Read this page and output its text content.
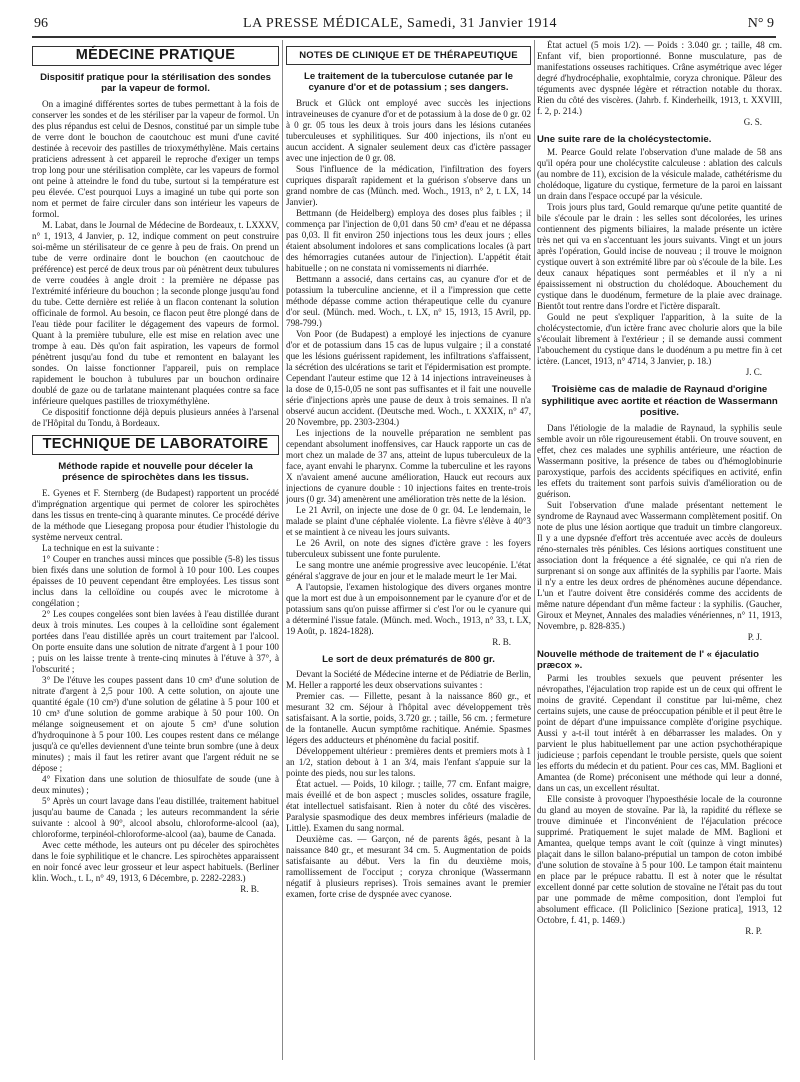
96	LA PRESSE MÉDICALE, Samedi, 31 Janvier 1914	N° 9
MÉDECINE PRATIQUE
Dispositif pratique pour la stérilisation des sondes par la vapeur de formol.

On a imaginé différentes sortes de tubes permettant à la fois de conserver les sondes et de les stériliser par la vapeur de formol. Un des plus répandus est celui de Desnos, constitué par un simple tube de verre dont le bouchon de caoutchouc est muni d'une cavité destinée à recevoir des pastilles de trioxyméthylène. Mais certains praticiens adressent à cet appareil le reproche d'exiger un temps trop long pour une stérilisation complète, car les vapeurs de formol ont peine à atteindre le fond du tube, surtout si la température est peu élevée. C'est pourquoi Luys a imaginé un tube qui porte son nom et permet de faire circuler dans son intérieur les vapeurs de formol.

M. Labat, dans le Journal de Médecine de Bordeaux, t. LXXXV, n° 1, 1913, 4 Janvier, p. 12, indique comment on peut construire soi-même un stérilisateur de ce genre à peu de frais. On prend un tube de verre ordinaire dont le bouchon (en caoutchouc de préférence) est percé de deux trous par où pénètrent deux tubulures de verre coudées à angle droit : la première ne dépasse pas l'extrémité inférieure du bouchon ; la seconde plonge jusqu'au fond du tube. Cette dernière est reliée à un flacon contenant la solution officinale de formol. Au besoin, ce flacon peut être plongé dans de l'eau tiède pour faciliter le dégagement des vapeurs de formol. Quant à la première tubulure, elle est mise en relation avec une trompe à eau. Dès qu'on fait aspiration, les vapeurs de formol pénètrent jusqu'au fond du tube et remontent en balayant les sondes. On laisse fonctionner l'appareil, puis on remplace rapidement le bouchon à tubulures par un bouchon ordinaire doublé de gaze ou de tarlatane maintenant plaquées contre sa face inférieure quelques pastilles de trioxyméthylène.

Ce dispositif fonctionne déjà depuis plusieurs années à l'arsenal de l'Hôpital du Tondu, à Bordeaux.

TECHNIQUE DE LABORATOIRE
Méthode rapide et nouvelle pour déceler la présence de spirochètes dans les tissus.

E. Gyenes et F. Sternberg (de Budapest) rapportent un procédé d'imprégnation argentique qui permet de colorer les spirochètes dans les tissus en trente-cinq à quarante minutes. Ce procédé dérive de la méthode que Liesegang proposa pour étudier l'histologie du système nerveux central.

La technique en est la suivante :

1° Couper en tranches aussi minces que possible (5-8) les tissus bien fixés dans une solution de formol à 10 pour 100. Les coupes épaisses de 10 peuvent cependant être employées. Les tissus sont inclus dans la celloïdine ou coupés avec le microtome à congélation ;

2° Les coupes congelées sont bien lavées à l'eau distillée durant deux à trois minutes. Les coupes à la celloïdine sont également portées dans l'eau distillée après un court traitement par l'alcool. On porte ensuite dans une solution de nitrate d'argent à 1 pour 100 ; puis on les laisse trente à trente-cinq minutes à l'étuve à 37°, à l'obscurité ;

3° De l'étuve les coupes passent dans 10 cm³ d'une solution de nitrate d'argent à 2,5 pour 100. A cette solution, on ajoute une quantité égale (10 cm³) d'une solution de gélatine à 5 pour 100 et 10 cm³ d'une solution de gomme arabique à 50 pour 100. On mélange soigneusement et on ajoute 5 cm³ d'une solution d'hydroquinone à 5 pour 100. Les coupes restent dans ce mélange jusqu'à ce qu'elles deviennent d'une teinte brun sombre (une à deux minutes) ; mais il faut les retirer avant que l'argent réduit ne se dépose ;

4° Fixation dans une solution de thiosulfate de soude (une à deux minutes) ;

5° Après un court lavage dans l'eau distillée, traitement habituel jusqu'au baume de Canada ; les auteurs recommandent la série suivante : alcool à 90°, alcool absolu, chloroforme-alcool (aa), chloroforme, terpinéol-chloroforme-alcool (aa), baume de Canada.

Avec cette méthode, les auteurs ont pu déceler des spirochètes dans le foie syphilitique et le chancre. Les spirochètes apparaissent en noir foncé avec leur grosseur et leur aspect habituels. (Berliner klin. Woch., t. L, n° 49, 1913, 6 Décembre, p. 2282-2283.)

R. B.
NOTES DE CLINIQUE ET DE THÉRAPEUTIQUE
Le traitement de la tuberculose cutanée par le cyanure d'or et de potassium ; ses dangers.

Bruck et Glück ont employé avec succès les injections intraveineuses de cyanure d'or et de potassium à la dose de 0 gr. 02 à 0 gr. 05 tous les deux à trois jours dans les lésions cutanées tuberculeuses et syphilitiques. Sur 400 injections, ils n'ont eu aucun accident. A signaler seulement deux cas d'ictère passager avec une injection de 0 gr. 08.

Sous l'influence de la médication, l'infiltration des foyers cupriques disparaît rapidement et la guérison s'observe dans un grand nombre de cas (Münch. med. Woch., 1913, n° 2, t. LX, 14 Janvier).

Bettmann (de Heidelberg) employa des doses plus faibles ; il commença par l'injection de 0,01 dans 50 cm³ d'eau et ne dépassa pas 0,03. Il fit environ 250 injections tous les deux jours ; elles étaient absolument indolores et sans complications locales (à part des hémorragies cutanées autour de l'injection). L'appétit était habituelle ; on ne constata ni vomissements ni diarrhée.

Bettmann a associé, dans certains cas, au cyanure d'or et de potassium la tuberculine ancienne, et il a l'impression que cette méthode dépasse comme action thérapeutique celle du cyanure d'or seul. (Münch. med. Woch., t. LX, n° 15, 1913, 15 Avril, pp. 798-799.)

Von Poor (de Budapest) a employé les injections de cyanure d'or et de potassium dans 15 cas de lupus vulgaire ; il a constaté que les lésions guérissent rapidement, les infiltrations s'affaissent, la sécrétion des ulcérations se tarit et l'épidermisation est prompte. Cependant l'auteur estime que 12 à 14 injections intraveineuses à la dose de 0,15-0,05 ne sont pas suffisantes et il fait une nouvelle série d'injections après une pause de deux à trois semaines. Il n'a observé aucun accident. (Deutsche med. Woch., t. XXXIX, n° 47, 20 Novembre, pp. 2303-2304.)

Les injections de la nouvelle préparation ne semblent pas cependant absolument inoffensives, car Hauck rapporte un cas de mort chez un malade de 37 ans, atteint de lupus tuberculeux de la face, ayant envahi le pharynx. Comme la tuberculine et les rayons X n'avaient amené aucune amélioration, Hauck eut recours aux injections de cyanure double : 10 injections faites en trente-trois jours (0 gr. 34) amenèrent une amélioration très nette de la lésion.

Le 21 Avril, on injecte une dose de 0 gr. 04. Le lendemain, le malade se plaint d'une céphalée violente. La fièvre s'élève à 40°3 et se maintient à ce niveau les jours suivants.

Le 26 Avril, on note des signes d'ictère grave : les foyers tuberculeux subissent une fonte purulente.

Le sang montre une anémie progressive avec leucopénie. L'état général s'aggrave de jour en jour et le malade meurt le 1er Mai.

A l'autopsie, l'examen histologique des divers organes montre que la mort est due à un empoisonnement par le cyanure d'or et de potassium sans qu'on puisse affirmer si c'est l'or ou le cyanure qui a déterminé l'issue fatale. (Münch. med. Woch., 1913, n° 33, t. LX, 19 Août, p. 1824-1828).

R. B.
Le sort de deux prématurés de 800 gr.

Devant la Société de Médecine interne et de Pédiatrie de Berlin, M. Heller a rapporté les deux observations suivantes :

Premier cas. — Fillette, pesant à la naissance 860 gr., et mesurant 32 cm. Séjour à l'hôpital avec développement très satisfaisant. A la sortie, poids, 3.720 gr. ; taille, 56 cm. ; fermeture de la fontanelle. Aucun symptôme rachitique. Anémie. Spasmes légers des adducteurs et phénomène du facial positif.

Développement ultérieur : premières dents et premiers mots à 1 an 1/2, station debout à 1 an 3/4, mais l'enfant s'appuie sur la pointe des pieds, nou sur les talons.

État actuel. — Poids, 10 kilogr. ; taille, 77 cm. Enfant maigre, mais éveillé et de bon aspect ; muscles solides, ossature fragile, état intellectuel satisfaisant. Rien à noter du côté des viscères. Paralysie spasmodique des deux membres inférieurs (maladie de Little). Examen du sang normal.

Deuxième cas. — Garçon, né de parents âgés, pesant à la naissance 840 gr., et mesurant 34 cm. 5. Augmentation de poids satisfaisante au début. Vers la fin du deuxième mois, ramollissement de l'occiput ; coryza chronique (Wassermann négatif à plusieurs reprises). Trois semaines avant le premier examen, forte crise de dyspnée avec cyanose.

État actuel (5 mois 1/2). — Poids : 3.040 gr. ; taille, 48 cm. Enfant vif, bien proportionné. Bonne musculature, pas de manifestations osseuses rachitiques. Crâne asymétrique avec léger degré d'hydrocéphalie, exophtalmie, coryza chronique. Pâleur des téguments avec dyspnée légère et rétraction notable du thorax. Rien du côté des viscères. (Jahrb. f. Kinderheilk, 1913, t. XXVIII, f. 2, p. 214.)

G. S.
Une suite rare de la cholécystectomie.

M. Pearce Gould relate l'observation d'une malade de 58 ans qu'il opéra pour une cholécystite calculeuse : ablation des calculs (au nombre de 11), excision de la vésicule malade, cathétérisme du cholédoque, ligature du cystique, fermeture de la paroi en laissant un drain dans l'espace occupé par la vésicule.

Trois jours plus tard, Gould remarque qu'une petite quantité de bile s'écoule par le drain : les selles sont décolorées, les urines contiennent des pigments biliaires, la malade présente un ictère très net qui va en s'accentuant les jours suivants. Vingt et un jours après l'opération, Gould incise de nouveau ; il trouve le moignon cystique ouvert à son extrémité libre par où s'écoule de la bile. Les deux canaux hépatiques sont perméables et il n'y a ni épaississement ni obstruction du cholédoque. Abouchement du cystique dans le duodénum, fermeture de la plaie avec drainage. Bientôt tout rentre dans l'ordre et l'ictère disparaît.

Gould ne peut s'expliquer l'apparition, à la suite de la cholécystectomie, d'un ictère franc avec cholurie alors que la bile s'écoulait librement à l'extérieur ; il se demande aussi comment l'abouchement du cystique dans le duodénum a pu mettre fin à cet ictère. (Lancet, 1913, n° 4714, 3 Janvier, p. 18.)

J. C.
Troisième cas de maladie de Raynaud d'origine syphilitique avec aortite et réaction de Wassermann positive.

Dans l'étiologie de la maladie de Raynaud, la syphilis seule semble avoir un rôle rigoureusement établi. On trouve souvent, en effet, chez ces malades une syphilis antérieure, une réaction de Wassermann positive, la présence de tabes ou d'hémoglobinurie paroxystique, parfois des accidents spécifiques en activité, enfin les effets du traitement sont parfois suivis d'amélioration ou de guérison.

Suit l'observation d'une malade présentant nettement le syndrome de Raynaud avec Wassermann complètement positif. On note de plus une lésion aortique que traduit un timbre clangoreux. Il y a une dypsnée d'effort très accentuée avec accès de douleurs réno-sternales très pénibles. Ces lésions aortiques constituent une association dont la fréquence a été signalée, ce qui n'a rien de surprenant si on songe aux affinités de la syphilis par l'aorte. Mais il n'y a entre les deux ordres de phénomènes aucune dépendance. L'un et l'autre doivent être considérés comme des accidents de même nature dépendant d'un même facteur : la syphilis. (Gaucher, Giroux et Meynet, Annales des maladies vénériennes, n° 11, 1913, Novembre, p. 828-835.)

P. J.
Nouvelle méthode de traitement de l' « éjaculatio præcox ».

Parmi les troubles sexuels que peuvent présenter les névropathes, l'éjaculation trop rapide est un de ceux qui offrent le moins de gravité. Cependant il constitue par lui-même, chez certains sujets, une cause de préoccupation pénible et il peut être le point de départ d'une impuissance complète d'origine psychique. Aussi y a-t-il tout intérêt à en débarrasser les malades. On y parvient le plus habituellement par une action psychothérapique judicieuse ; parfois cependant le trouble persiste, quels que soient les efforts du médecin et du patient. Pour ces cas, MM. Baglioni et Amantea (de Rome) préconisent une méthode qui leur a donné, dans un cas, un excellent résultat.

Elle consiste à provoquer l'hypoesthésie locale de la couronne du gland au moyen de stovaïne. Par là, la rapidité du réflexe se trouve diminuée et l'inconvénient de l'éjaculation précoce supprimé. Pratiquement le sujet malade de MM. Baglioni et Amantea, quelque temps avant le coït (quinze à vingt minutes) plaçait dans le sillon balano-préputial un tampon de coton imbibé d'une solution de stovaïne à 5 pour 100. Le tampon était maintenu en place par le prépuce rabattu. Il est à noter que le résultat excellent donné par cette solution de stovaïne ne l'était pas du tout par une pommade de même composition, dont l'emploi fut absolument efficace. (Il Policlinico [Sezione pratica], 1913, 12 Octobre, f. 41, p. 1469.)

R. P.
